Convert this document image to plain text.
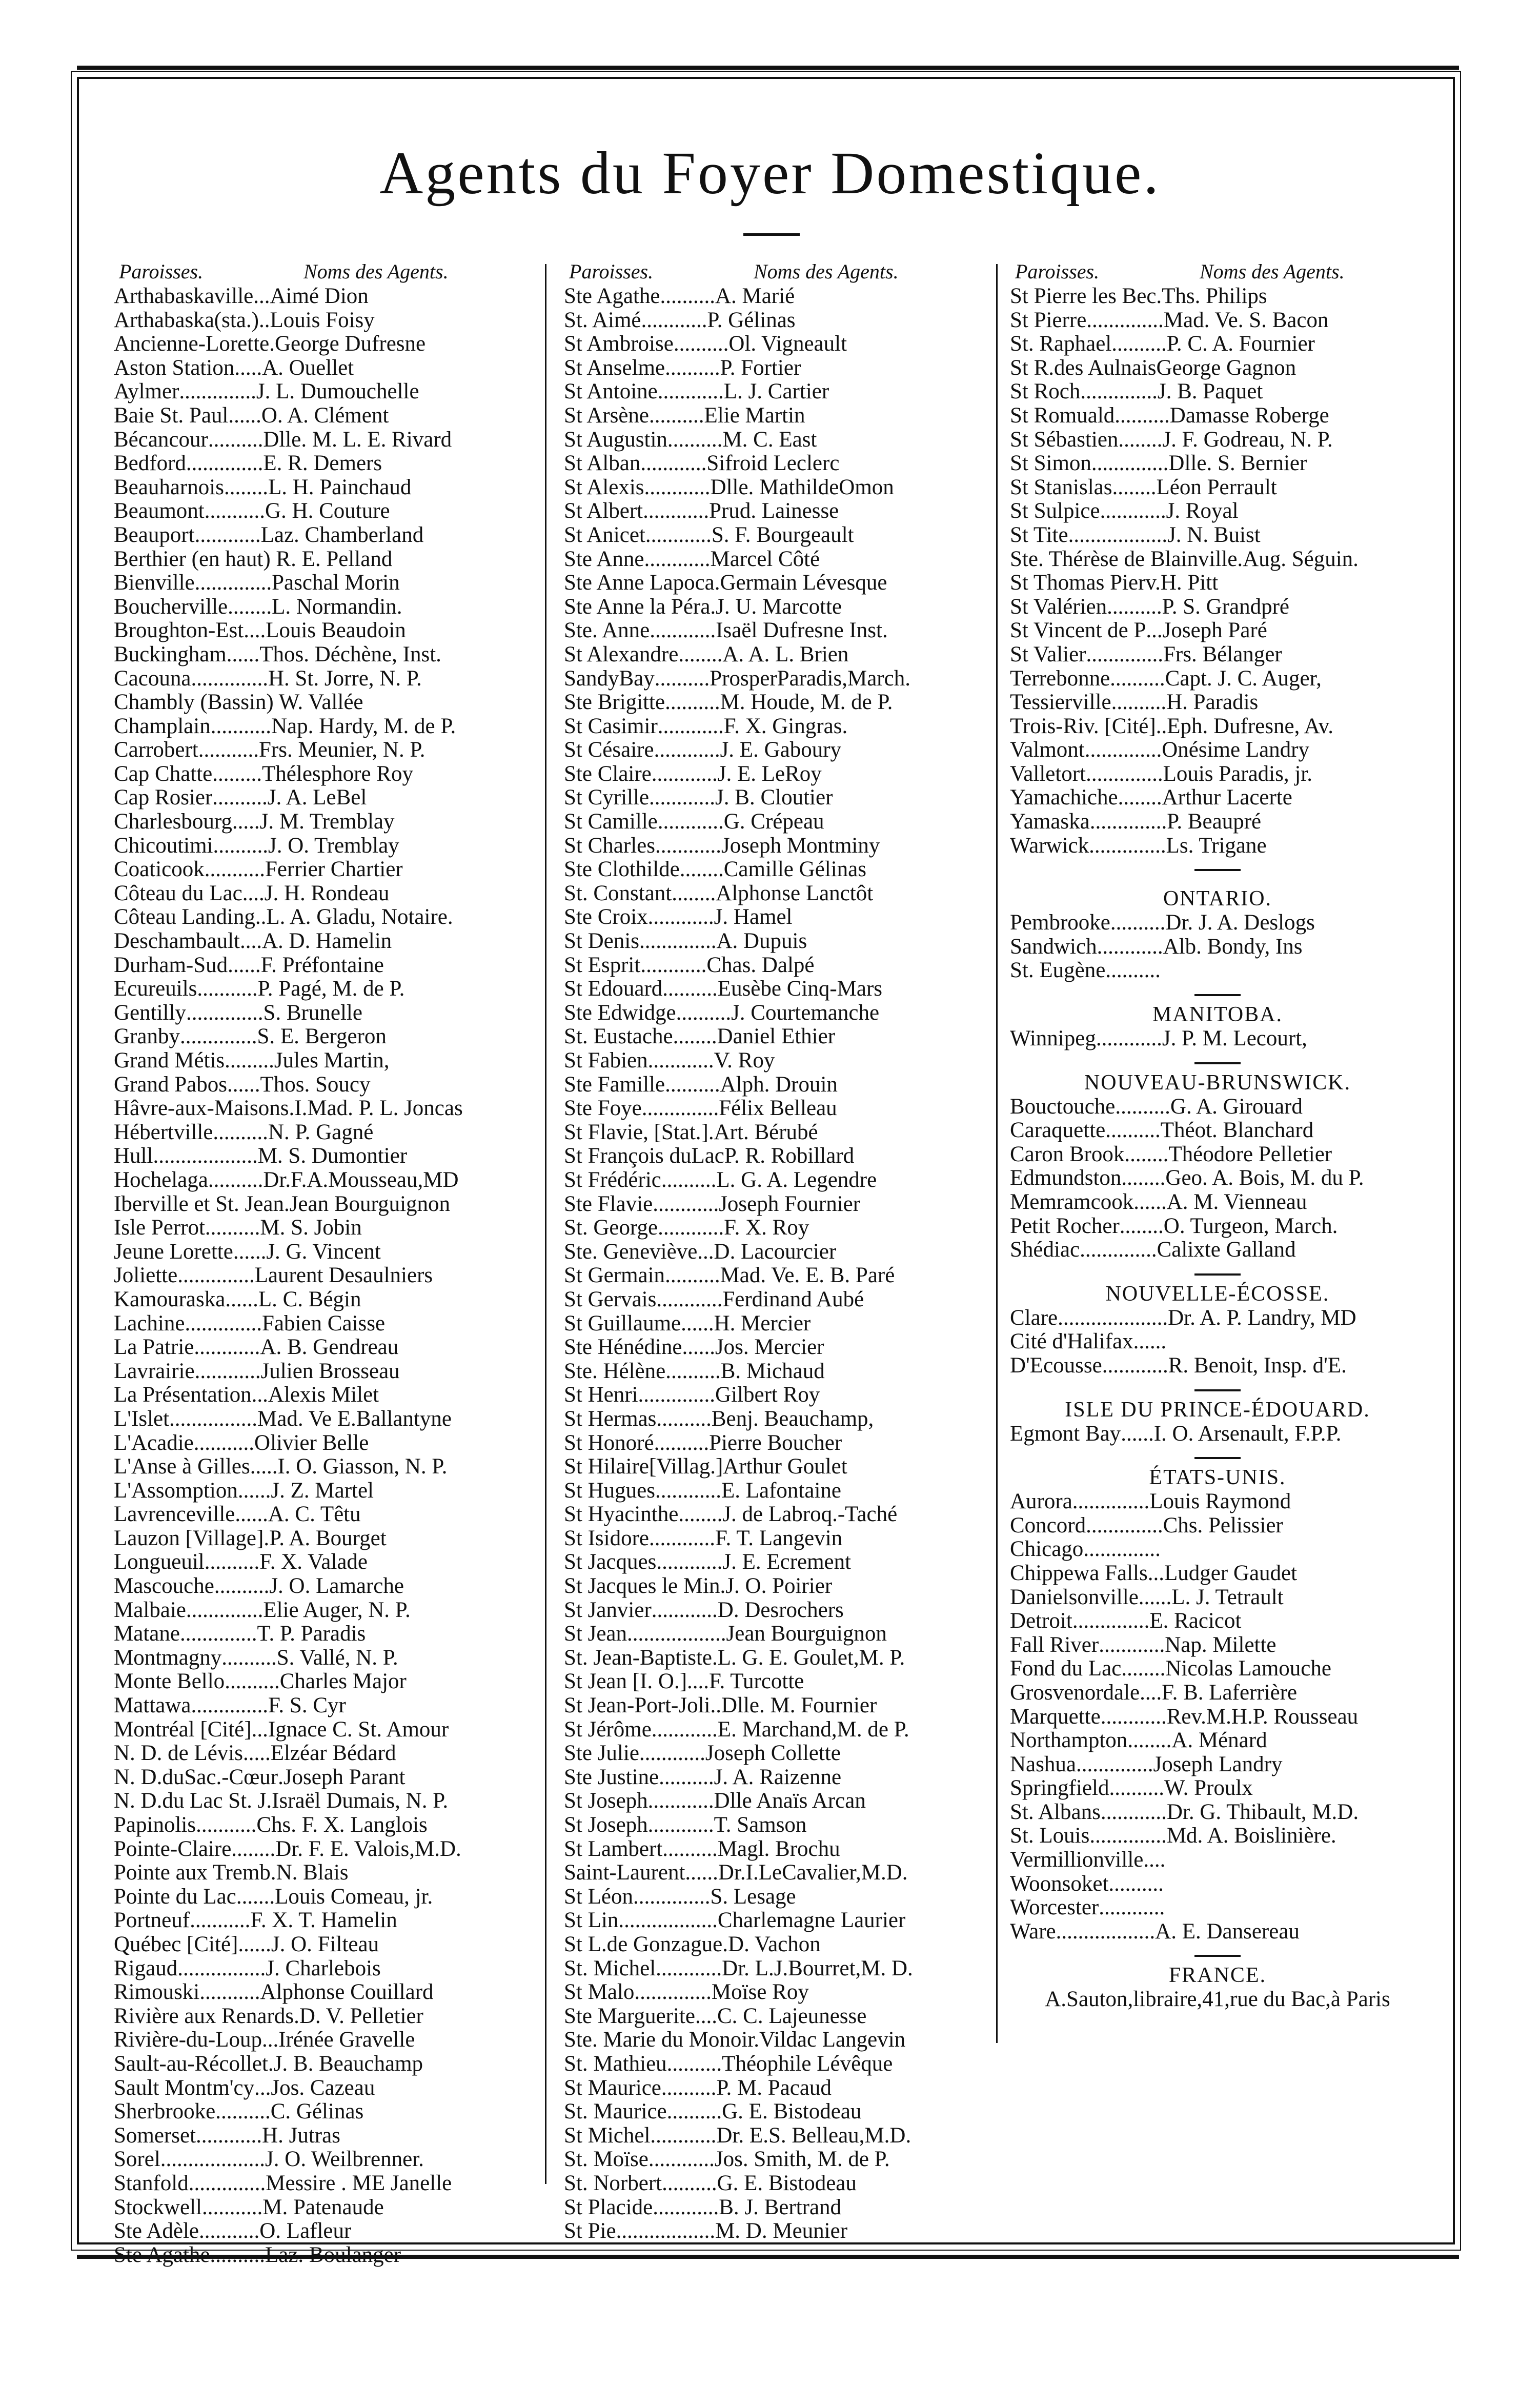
Agents du Foyer Domestique.
Paroisses.	Noms des Agents.
Arthabaskaville ... Aimé Dion
Arthabaska(sta.) .. Louis Foisy
Ancienne-Lorette . George Dufresne
Aston Station ..... A. Ouellet
Aylmer .............. J. L. Dumouchelle
Baie St. Paul ...... O. A. Clément
Bécancour .......... Dlle. M. L. E. Rivard
Bedford .............. E. R. Demers
Beauharnois ........ L. H. Painchaud
Beaumont ........... G. H. Couture
Beauport ............ Laz. Chamberland
Berthier (en haut) R. E. Pelland
Bienville .............. Paschal Morin
Boucherville ........ L. Normandin.
Broughton-Est .... Louis Beaudoin
Buckingham ...... Thos. Déchène, Inst.
Cacouna .............. H. St. Jorre, N. P.
Chambly (Bassin) W. Vallée
Champlain ........... Nap. Hardy, M. de P.
Carrobert ........... Frs. Meunier, N. P.
Cap Chatte ......... Thélesphore Roy
Cap Rosier .......... J. A. LeBel
Charlesbourg ..... J. M. Tremblay
Chicoutimi .......... J. O. Tremblay
Coaticook ........... Ferrier Chartier
Côteau du Lac .... J. H. Rondeau
Côteau Landing .. L. A. Gladu, Notaire.
Deschambault .... A. D. Hamelin
Durham-Sud ...... F. Préfontaine
Ecureuils ........... P. Pagé, M. de P.
Gentilly .............. S. Brunelle
Granby .............. S. E. Bergeron
Grand Métis ......... Jules Martin,
Grand Pabos ...... Thos. Soucy
Hâvre-aux-Maisons . I.Mad. P. L. Joncas
Hébertville .......... N. P. Gagné
Hull ................... M. S. Dumontier
Hochelaga .......... Dr.F.A.Mousseau,MD
Iberville et St. Jean .Jean Bourguignon
Isle Perrot .......... M. S. Jobin
Jeune Lorette ...... J. G. Vincent
Joliette .............. Laurent Desaulniers
Kamouraska ...... L. C. Bégin
Lachine .............. Fabien Caisse
La Patrie ............ A. B. Gendreau
Lavrairie ............ Julien Brosseau
La Présentation ... Alexis Milet
L'Islet ................ Mad. Ve E.Ballantyne
L'Acadie ........... Olivier Belle
L'Anse à Gilles ..... I. O. Giasson, N. P.
L'Assomption ...... J. Z. Martel
Lavrenceville ...... A. C. Têtu
Lauzon [Village] . P. A. Bourget
Longueuil .......... F. X. Valade
Mascouche .......... J. O. Lamarche
Malbaie .............. Elie Auger, N. P.
Matane .............. T. P. Paradis
Montmagny .......... S. Vallé, N. P.
Monte Bello .......... Charles Major
Mattawa .............. F. S. Cyr
Montréal [Cité] ... Ignace C. St. Amour
N. D. de Lévis ..... Elzéar Bédard
N. D.duSac.-Cœur . Joseph Parant
N. D.du Lac St. J. Israël Dumais, N. P.
Papinolis ........... Chs. F. X. Langlois
Pointe-Claire ........ Dr. F. E. Valois,M.D.
Pointe aux Tremb. N. Blais
Pointe du Lac ....... Louis Comeau, jr.
Portneuf ........... F. X. T. Hamelin
Québec [Cité] ...... J. O. Filteau
Rigaud ................ J. Charlebois
Rimouski ........... Alphonse Couillard
Rivière aux Renards .D. V. Pelletier
Rivière-du-Loup ... Irénée Gravelle
Sault-au-Récollet .J. B. Beauchamp
Sault Montm'cy ... Jos. Cazeau
Sherbrooke .......... C. Gélinas
Somerset ............ H. Jutras
Sorel ................... J. O. Weilbrenner.
Stanfold .............. Messire . ME Janelle
Stockwell ........... M. Patenaude
Ste Adèle ........... O. Lafleur
Ste Agathe .......... Laz. Boulanger
Paroisses.	Noms des Agents.
Ste Agathe .......... A. Marié
St. Aimé ............ P. Gélinas
St Ambroise .......... Ol. Vigneault
St Anselme .......... P. Fortier
St Antoine ............ L. J. Cartier
St Arsène .......... Elie Martin
St Augustin .......... M. C. East
St Alban ............ Sifroid Leclerc
St Alexis ............ Dlle. MathildeOmon
St Albert ............ Prud. Lainesse
St Anicet ............ S. F. Bourgeault
Ste Anne ............ Marcel Côté
Ste Anne Lapoca. Germain Lévesque
Ste Anne la Péra. J. U. Marcotte
Ste. Anne ............ Isaël Dufresne Inst.
St Alexandre ........ A. A. L. Brien
SandyBay .......... ProsperParadis,March.
Ste Brigitte .......... M. Houde, M. de P.
St Casimir ............ F. X. Gingras.
St Césaire ............ J. E. Gaboury
Ste Claire ............ J. E. LeRoy
St Cyrille ............ J. B. Cloutier
St Camille ............ G. Crépeau
St Charles ............ Joseph Montminy
Ste Clothilde ........ Camille Gélinas
St. Constant ........ Alphonse Lanctôt
Ste Croix ............ J. Hamel
St Denis .............. A. Dupuis
St Esprit ............ Chas. Dalpé
St Edouard .......... Eusèbe Cinq-Mars
Ste Edwidge .......... J. Courtemanche
St. Eustache ........ Daniel Ethier
St Fabien ............ V. Roy
Ste Famille .......... Alph. Drouin
Ste Foye .............. Félix Belleau
St Flavie, [Stat.] . Art. Bérubé
St François duLac P. R. Robillard
St Frédéric .......... L. G. A. Legendre
Ste Flavie ............ Joseph Fournier
St. George ............ F. X. Roy
Ste. Geneviève ... D. Lacourcier
St Germain .......... Mad. Ve. E. B. Paré
St Gervais ............ Ferdinand Aubé
St Guillaume ...... H. Mercier
Ste Hénédine ...... Jos. Mercier
Ste. Hélène .......... B. Michaud
St Henri .............. Gilbert Roy
St Hermas .......... Benj. Beauchamp,
St Honoré .......... Pierre Boucher
St Hilaire[Villag.] Arthur Goulet
St Hugues ............ E. Lafontaine
St Hyacinthe ........ J. de Labroq.-Taché
St Isidore ............ F. T. Langevin
St Jacques ............ J. E. Ecrement
St Jacques le Min. J. O. Poirier
St Janvier ............ D. Desrochers
St Jean .................. Jean Bourguignon
St. Jean-Baptiste . L. G. E. Goulet,M. P.
St Jean [I. O.] .... F. Turcotte
St Jean-Port-Joli .. Dlle. M. Fournier
St Jérôme ............ E. Marchand,M. de P.
Ste Julie ............ Joseph Collette
Ste Justine .......... J. A. Raizenne
St Joseph ............ Dlle Anaïs Arcan
St Joseph ............ T. Samson
St Lambert .......... Magl. Brochu
Saint-Laurent ...... Dr.I.LeCavalier,M.D.
St Léon .............. S. Lesage
St Lin .................. Charlemagne Laurier
St L.de Gonzague . D. Vachon
St. Michel ............ Dr. L.J.Bourret,M. D.
St Malo .............. Moïse Roy
Ste Marguerite .... C. C. Lajeunesse
Ste. Marie du Monoir. Vildac Langevin
St. Mathieu .......... Théophile Lévêque
St Maurice .......... P. M. Pacaud
St. Maurice .......... G. E. Bistodeau
St Michel ............ Dr. E.S. Belleau,M.D.
St. Moïse ............ Jos. Smith, M. de P.
St. Norbert .......... G. E. Bistodeau
St Placide ............ B. J. Bertrand
St Pie .................. M. D. Meunier
Paroisses.	Noms des Agents.
St Pierre les Bec. Ths. Philips
St Pierre .............. Mad. Ve. S. Bacon
St. Raphael .......... P. C. A. Fournier
St R.des Aulnais George Gagnon
St Roch .............. J. B. Paquet
St Romuald .......... Damasse Roberge
St Sébastien ........ J. F. Godreau, N. P.
St Simon .............. Dlle. S. Bernier
St Stanislas ........ Léon Perrault
St Sulpice ............ J. Royal
St Tite .................. J. N. Buist
Ste. Thérèse de Blainville. Aug. Séguin.
St Thomas Pierv. H. Pitt
St Valérien .......... P. S. Grandpré
St Vincent de P ... Joseph Paré
St Valier .............. Frs. Bélanger
Terrebonne .......... Capt. J. C. Auger,
Tessierville .......... H. Paradis
Trois-Riv. [Cité] .. Eph. Dufresne, Av.
Valmont .............. Onésime Landry
Valletort .............. Louis Paradis, jr.
Yamachiche ........ Arthur Lacerte
Yamaska .............. P. Beaupré
Warwick .............. Ls. Trigane
ONTARIO.
Pembrooke .......... Dr. J. A. Deslogs
Sandwich ............ Alb. Bondy, Ins
St. Eugène ..........
MANITOBA.
Winnipeg ............ J. P. M. Lecourt,
NOUVEAU-BRUNSWICK.
Bouctouche .......... G. A. Girouard
Caraquette .......... Théot. Blanchard
Caron Brook ........ Théodore Pelletier
Edmundston ........ Geo. A. Bois, M. du P.
Memramcook ...... A. M. Vienneau
Petit Rocher ........ O. Turgeon, March.
Shédiac .............. Calixte Galland
NOUVELLE-ÉCOSSE.
Clare .................... Dr. A. P. Landry, MD
Cité d'Halifax ......
D'Ecousse ............ R. Benoit, Insp. d'E.
ISLE DU PRINCE-ÉDOUARD.
Egmont Bay ...... I. O. Arsenault, F.P.P.
ÉTATS-UNIS.
Aurora .............. Louis Raymond
Concord .............. Chs. Pelissier
Chicago ..............
Chippewa Falls ... Ludger Gaudet
Danielsonville ...... L. J. Tetrault
Detroit .............. E. Racicot
Fall River ............ Nap. Milette
Fond du Lac ........ Nicolas Lamouche
Grosvenordale .... F. B. Laferrière
Marquette ............ Rev.M.H.P. Rousseau
Northampton ........ A. Ménard
Nashua .............. Joseph Landry
Springfield .......... W. Proulx
St. Albans ............ Dr. G. Thibault, M.D.
St. Louis .............. Md. A. Boislinière.
Vermillionville ....
Woonsoket ..........
Worcester ............
Ware .................. A. E. Dansereau
FRANCE.
A.Sauton,libraire,41,rue du Bac,à Paris
